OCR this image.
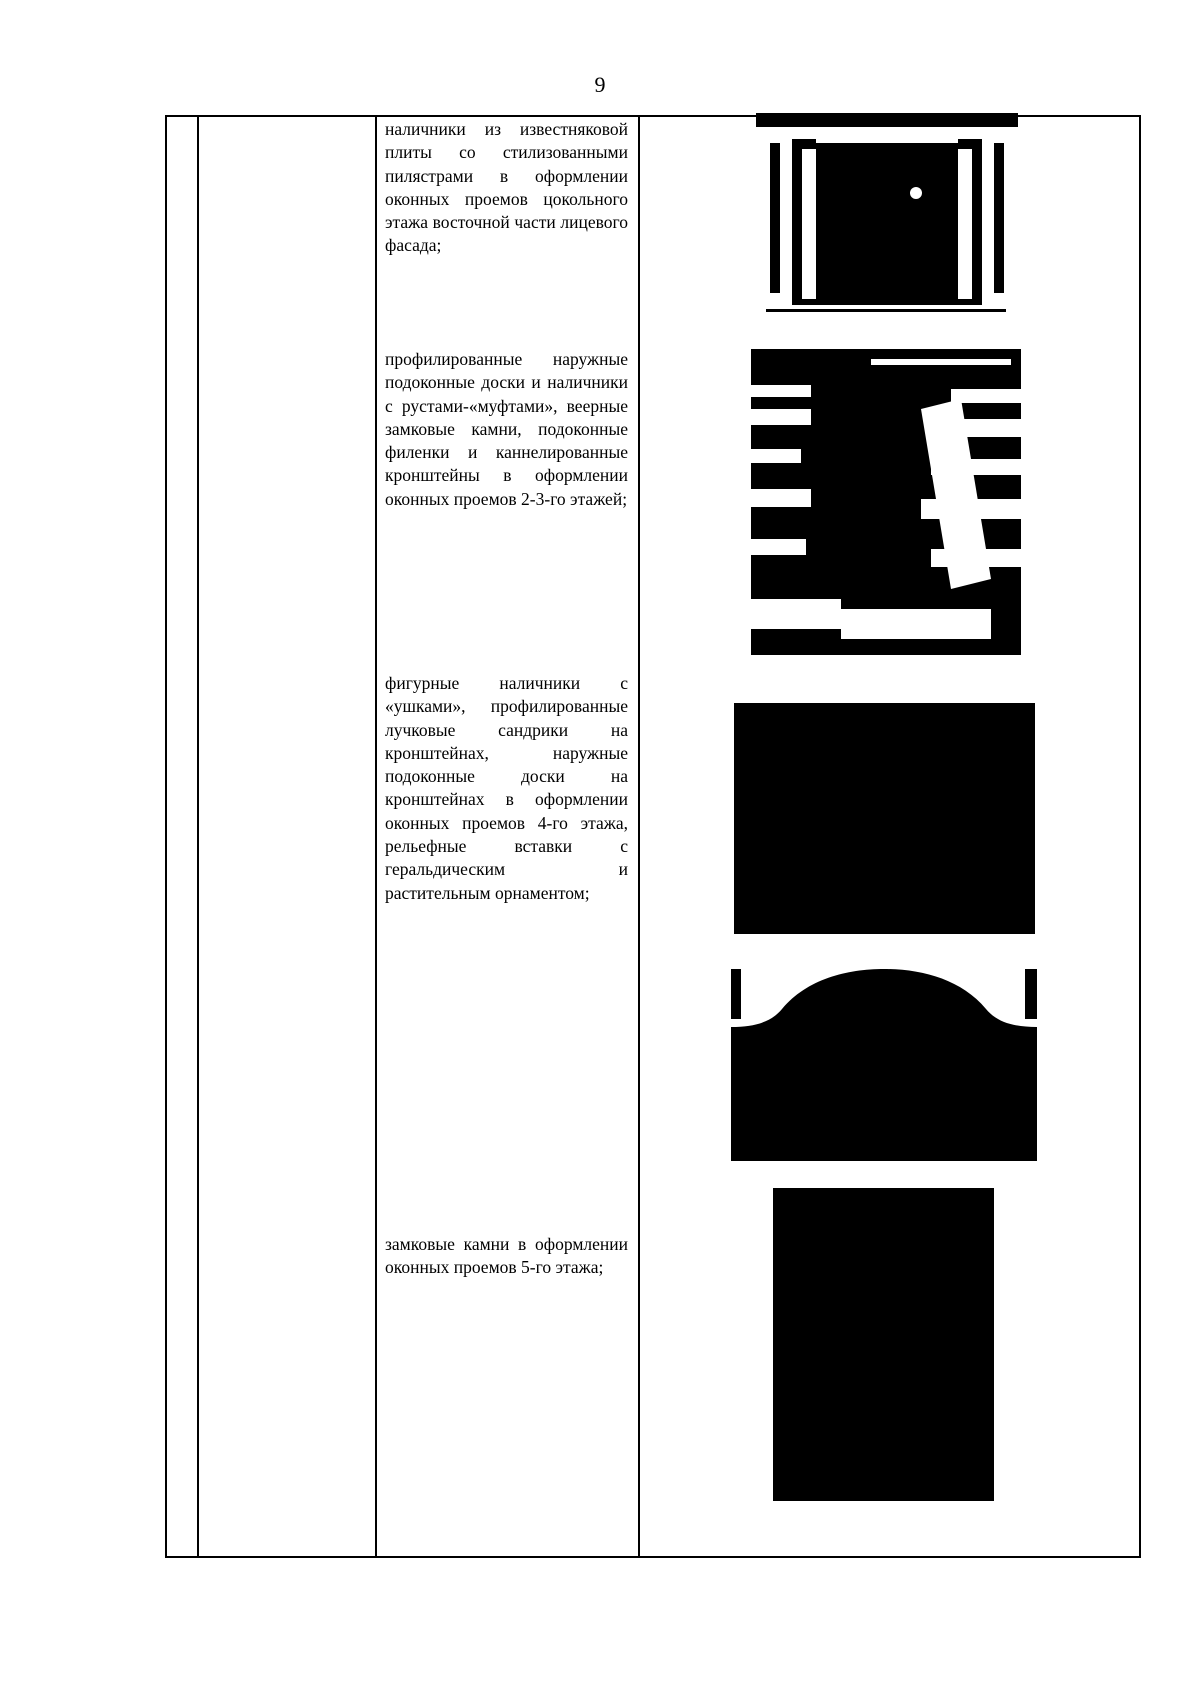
9
наличники из известняковой плиты со стилизованными пилястрами в оформлении оконных проемов цокольного этажа восточной части лицевого фасада;
профилированные наружные подоконные доски и наличники с рустами-«муфтами», веерные замковые камни, подоконные филенки и каннелированные кронштейны в оформлении оконных проемов 2-3-го этажей;
фигурные наличники с «ушками», профилированные лучковые сандрики на кронштейнах, наружные подоконные доски на кронштейнах в оформлении оконных проемов 4-го этажа, рельефные вставки с геральдическим и растительным орнаментом;
замковые камни в оформлении оконных проемов 5-го этажа;
